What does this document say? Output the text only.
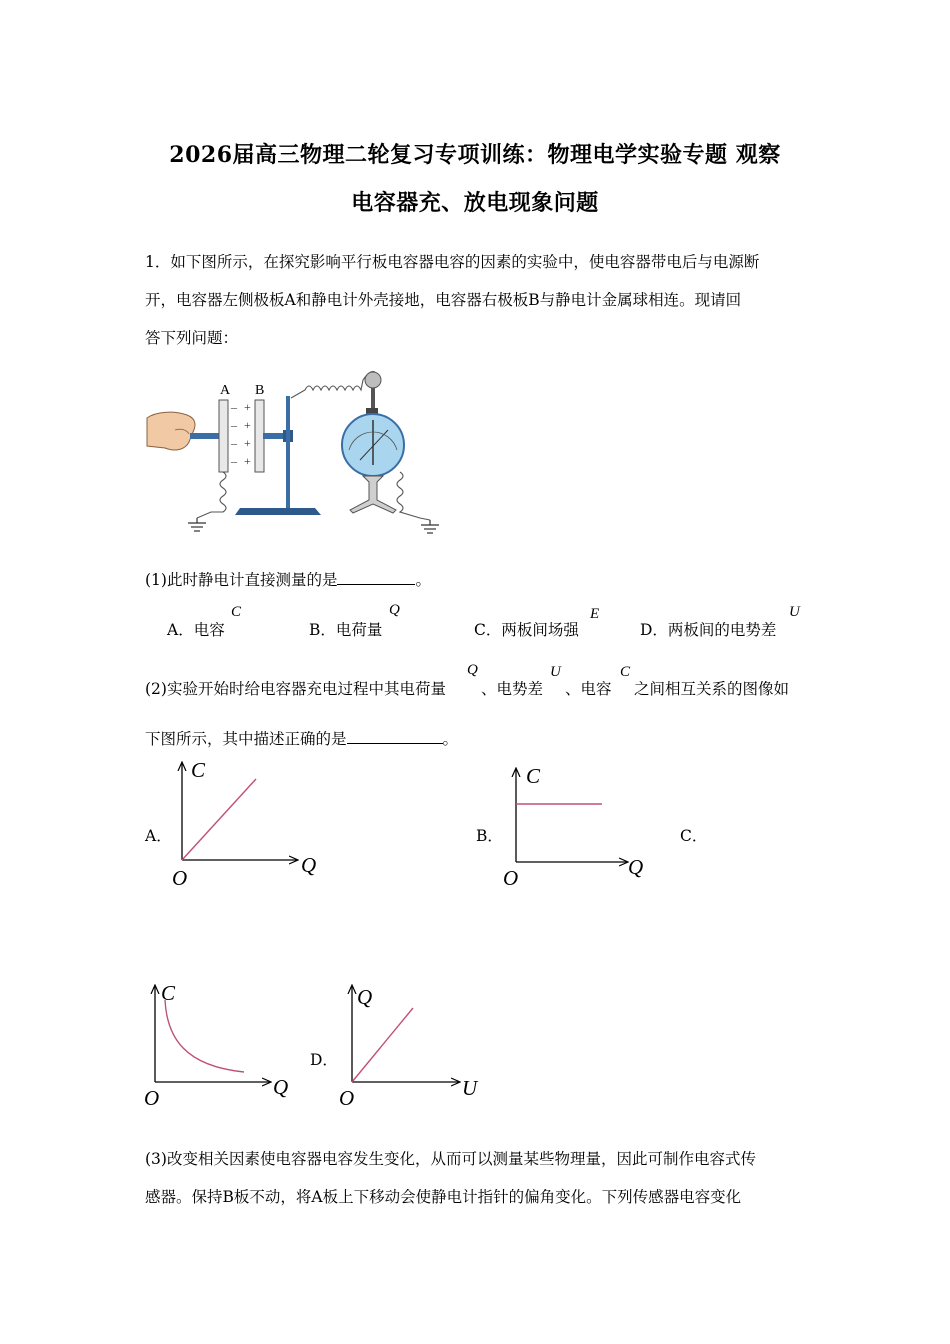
2026届高三物理二轮复习专项训练：物理电学实验专题 观察
电容器充、放电现象问题
1．如下图所示，在探究影响平行板电容器电容的因素的实验中，使电容器带电后与电源断
开，电容器左侧极板A和静电计外壳接地，电容器右极板B与静电计金属球相连。现请回
答下列问题：
A B
–
–
–
–
+
+
+
+
(1)此时静电计直接测量的是	。
A．电容
C
B．电荷量
Q
C．两板间场强
E
D．两板间的电势差
U
(2)实验开始时给电容器充电过程中其电荷量
Q
、电势差
U
、电容
C
之间相互关系的图像如
下图所示，其中描述正确的是	。
A．	B．	C．
D．
C
Q
O
C
Q
O
C
Q
O
Q
U
O
(3)改变相关因素使电容器电容发生变化，从而可以测量某些物理量，因此可制作电容式传
感器。保持B板不动，将A板上下移动会使静电计指针的偏角变化。下列传感器电容变化
